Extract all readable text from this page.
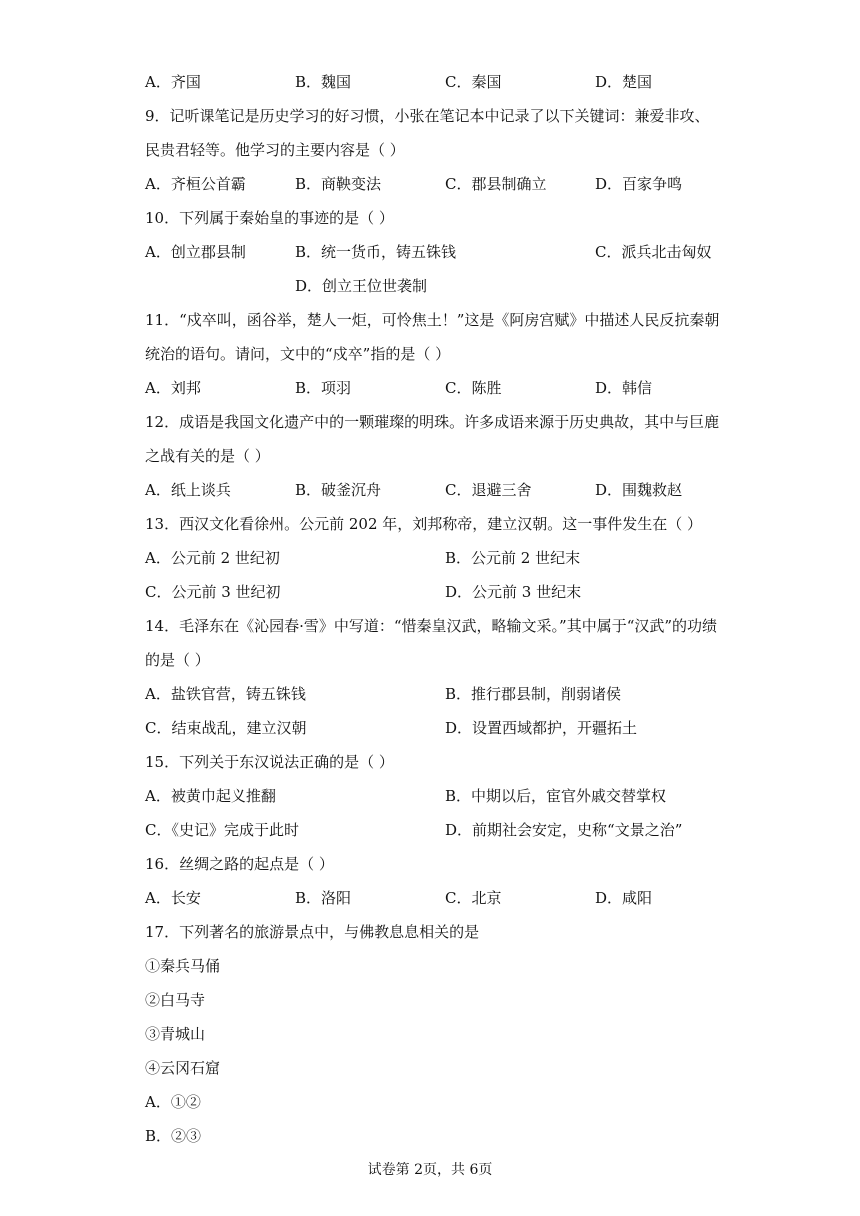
A．齐国	B．魏国	C．秦国	D．楚国
9．记听课笔记是历史学习的好习惯，小张在笔记本中记录了以下关键词：兼爱非攻、
民贵君轻等。他学习的主要内容是（ ）
A．齐桓公首霸	B．商鞅变法	C．郡县制确立	D．百家争鸣
10．下列属于秦始皇的事迹的是（ ）
A．创立郡县制	B．统一货币，铸五铢钱	C．派兵北击匈奴
D．创立王位世袭制
11．“戍卒叫，函谷举，楚人一炬，可怜焦土！”这是《阿房宫赋》中描述人民反抗秦朝
统治的语句。请问，文中的“戍卒”指的是（ ）
A．刘邦	B．项羽	C．陈胜	D．韩信
12．成语是我国文化遗产中的一颗璀璨的明珠。许多成语来源于历史典故，其中与巨鹿
之战有关的是（ ）
A．纸上谈兵	B．破釜沉舟	C．退避三舍	D．围魏救赵
13．西汉文化看徐州。公元前 202 年，刘邦称帝，建立汉朝。这一事件发生在（ ）
A．公元前 2 世纪初	B．公元前 2 世纪末
C．公元前 3 世纪初	D．公元前 3 世纪末
14．毛泽东在《沁园春·雪》中写道：“惜秦皇汉武，略输文采。”其中属于“汉武”的功绩
的是（ ）
A．盐铁官营，铸五铢钱	B．推行郡县制，削弱诸侯
C．结束战乱，建立汉朝	D．设置西域都护，开疆拓土
15．下列关于东汉说法正确的是（ ）
A．被黄巾起义推翻	B．中期以后，宦官外戚交替掌权
C．《史记》完成于此时	D．前期社会安定，史称“文景之治”
16．丝绸之路的起点是（ ）
A．长安	B．洛阳	C．北京	D．咸阳
17．下列著名的旅游景点中，与佛教息息相关的是
①秦兵马俑
②白马寺
③青城山
④云冈石窟
A．①②
B．②③
试卷第 2页，共 6页
